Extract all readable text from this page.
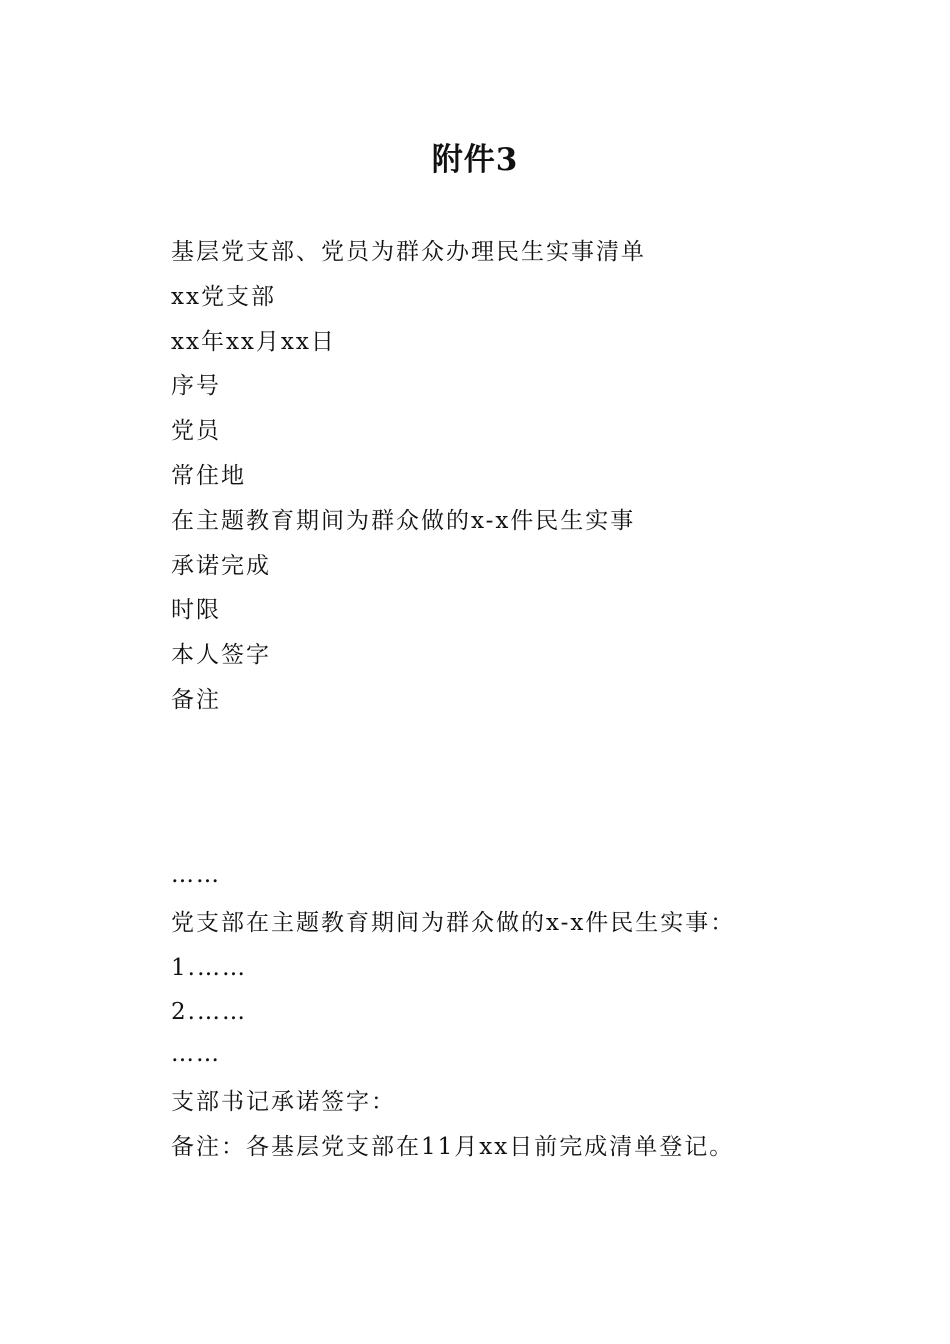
附件3
基层党支部、党员为群众办理民生实事清单
xx党支部
xx年xx月xx日
序号
党员
常住地
在主题教育期间为群众做的x-x件民生实事
承诺完成
时限
本人签字
备注
……
党支部在主题教育期间为群众做的x-x件民生实事：
1.……
2.……
……
支部书记承诺签字：
备注：各基层党支部在11月xx日前完成清单登记。
